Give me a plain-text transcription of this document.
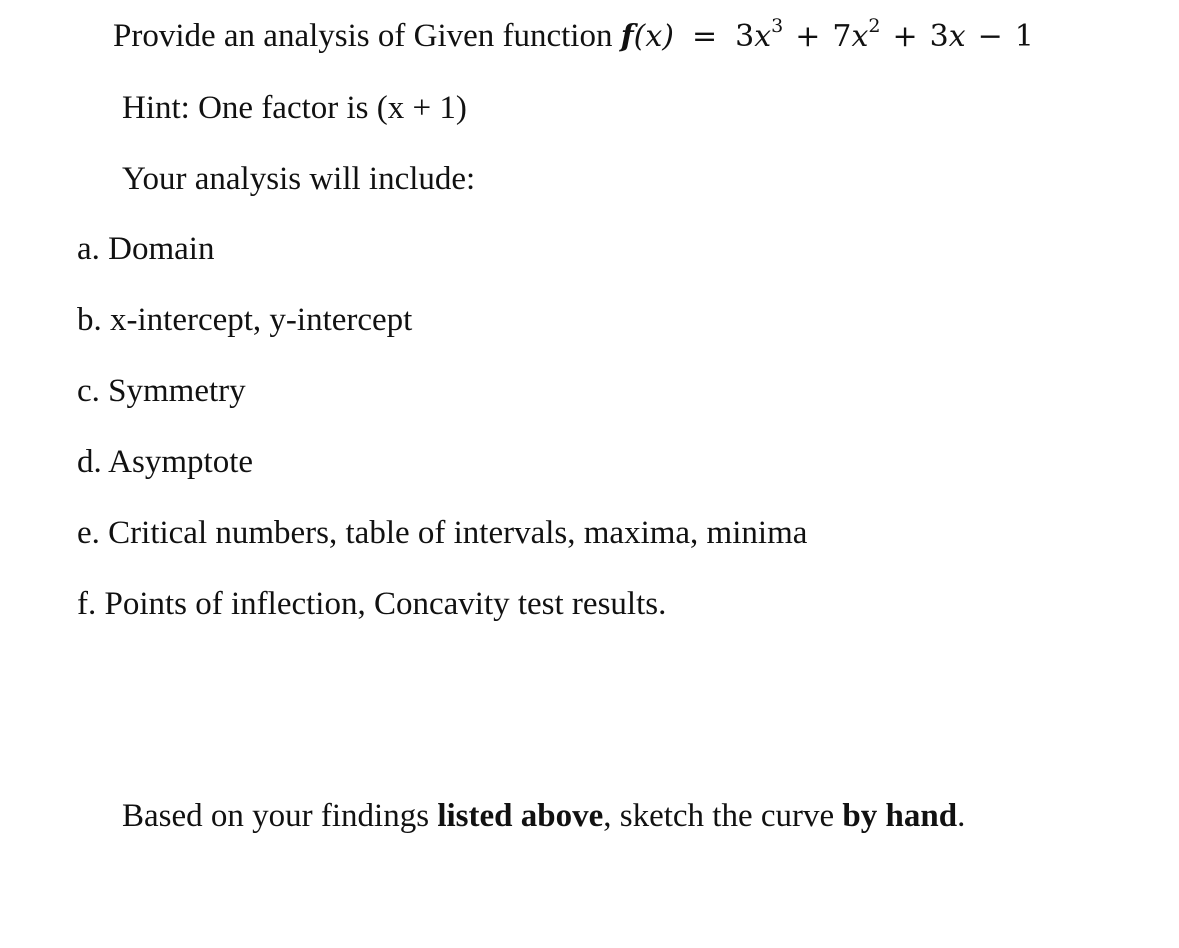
Provide an analysis of Given function $f(x) = 3x^3 + 7x^2 + 3x - 1$
Hint: One factor is (x + 1)
Your analysis will include:
a. Domain
b. x-intercept, y-intercept
c. Symmetry
d. Asymptote
e. Critical numbers, table of intervals, maxima, minima
f. Points of inflection, Concavity test results.
Based on your findings listed above, sketch the curve by hand.
